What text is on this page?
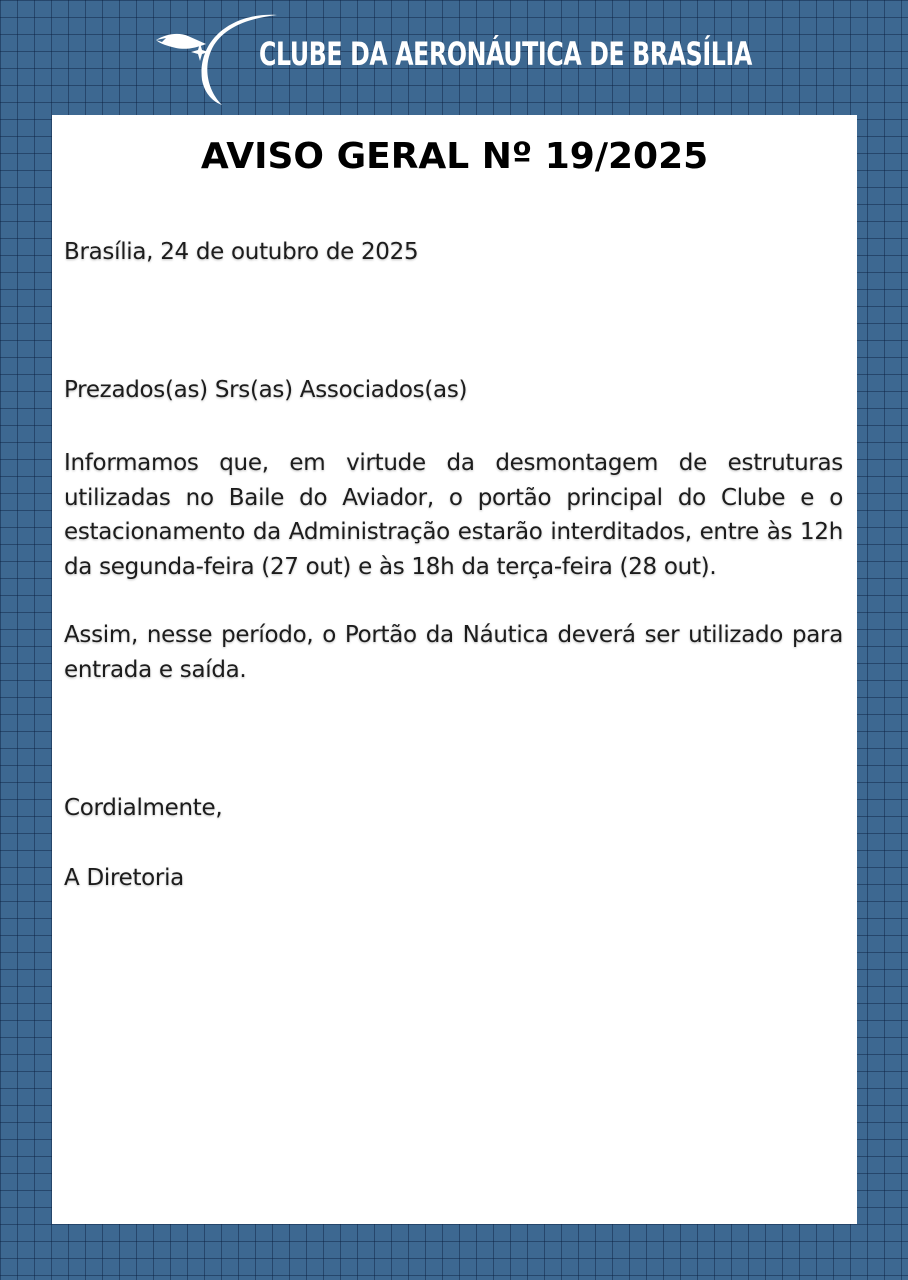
CLUBE DA AERONÁUTICA DE BRASÍLIA
AVISO GERAL Nº 19/2025

Brasília, 24 de outubro de 2025

Prezados(as) Srs(as) Associados(as)

Informamos que, em virtude da desmontagem de estruturas utilizadas no Baile do Aviador, o portão principal do Clube e o estacionamento da Administração estarão interditados, entre às 12h da segunda-feira (27 out) e às 18h da terça-feira (28 out).

Assim, nesse período, o Portão da Náutica deverá ser utilizado para entrada e saída.

Cordialmente,

A Diretoria
